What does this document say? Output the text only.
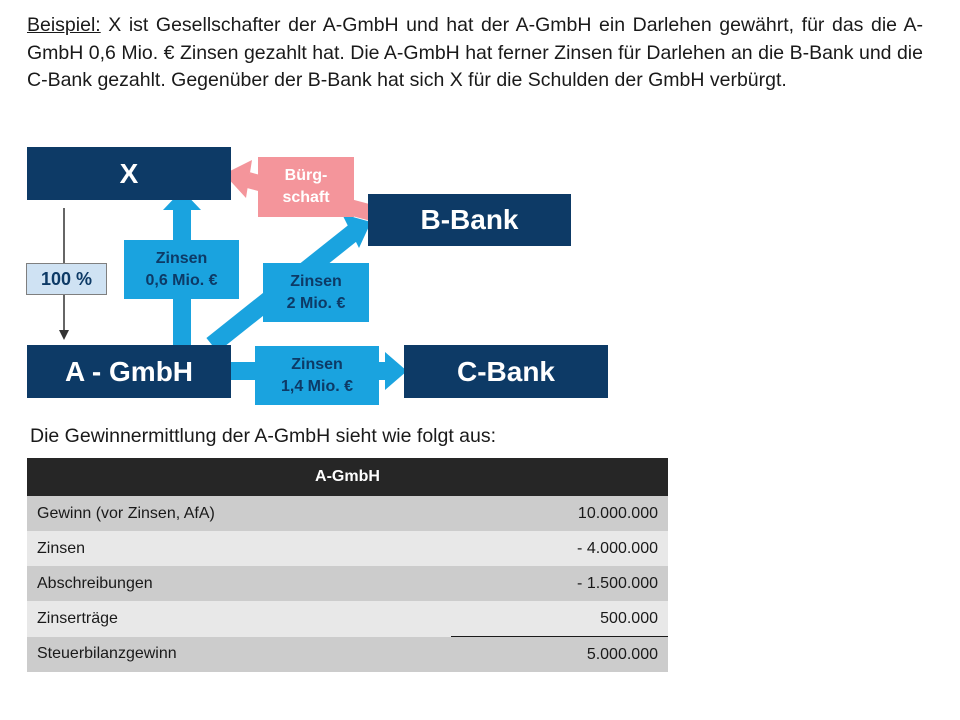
Beispiel: X ist Gesellschafter der A-GmbH und hat der A-GmbH ein Darlehen gewährt, für das die A-GmbH 0,6 Mio. € Zinsen gezahlt hat. Die A-GmbH hat ferner Zinsen für Darlehen an die B-Bank und die C-Bank gezahlt. Gegenüber der B-Bank hat sich X für die Schulden der GmbH verbürgt.
X
B-Bank
A - GmbH	C-Bank
Bürg-
schaft
100 %
Zinsen
0,6 Mio. €	Zinsen
2 Mio. €
Zinsen
1,4 Mio. €
Die Gewinnermittlung der A-GmbH sieht wie folgt aus:
A-GmbH	
Gewinn (vor Zinsen, AfA)	10.000.000
Zinsen	- 4.000.000
Abschreibungen	- 1.500.000
Zinserträge	500.000
Steuerbilanzgewinn	5.000.000
